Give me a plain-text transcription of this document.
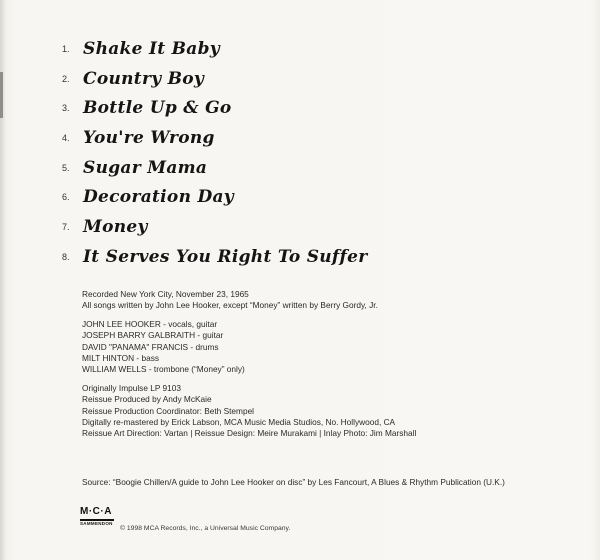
1. Shake It Baby
2. Country Boy
3. Bottle Up & Go
4. You're Wrong
5. Sugar Mama
6. Decoration Day
7. Money
8. It Serves You Right To Suffer
Recorded New York City, November 23, 1965
All songs written by John Lee Hooker, except “Money” written by Berry Gordy, Jr.
JOHN LEE HOOKER - vocals, guitar
JOSEPH BARRY GALBRAITH - guitar
DAVID "PANAMA" FRANCIS - drums
MILT HINTON - bass
WILLIAM WELLS - trombone (“Money” only)
Originally Impulse LP 9103
Reissue Produced by Andy McKaie
Reissue Production Coordinator: Beth Stempel
Digitally re-mastered by Erick Labson, MCA Music Media Studios, No. Hollywood, CA
Reissue Art Direction: Vartan | Reissue Design: Meire Murakami | Inlay Photo: Jim Marshall
Source: “Boogie Chillen/A guide to John Lee Hooker on disc” by Les Fancourt, A Blues & Rhythm Publication (U.K.)
M·C·A
SAMMENDON
© 1998 MCA Records, Inc., a Universal Music Company.
